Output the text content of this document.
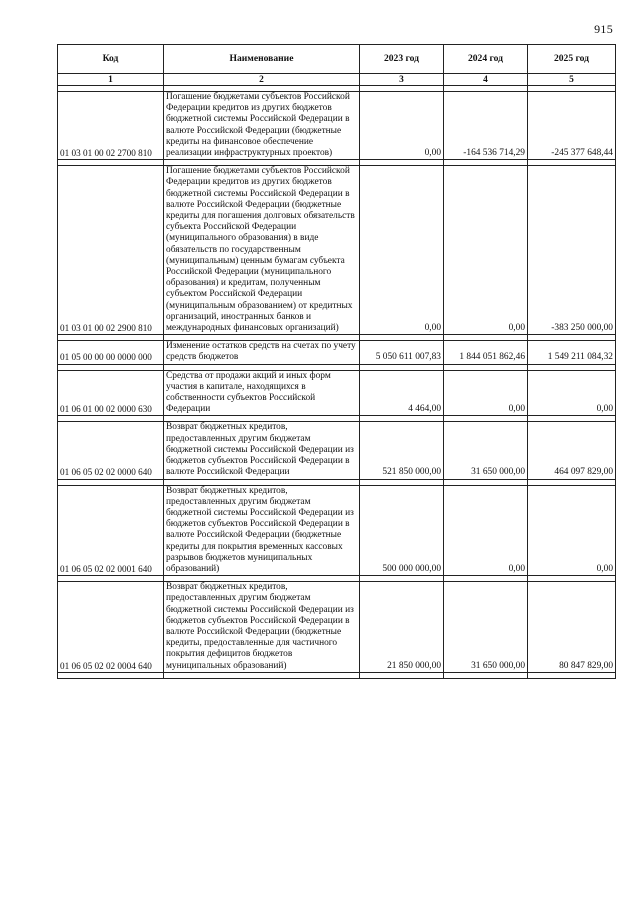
915
Код	Наименование	2023 год	2024 год	2025 год
1	2	3	4	5

01 03 01 00 02 2700 810	Погашение бюджетами субъектов Российской Федерации кредитов из других бюджетов бюджетной системы Российской Федерации в валюте Российской Федерации (бюджетные кредиты на финансовое обеспечение реализации инфраструктурных проектов)	0,00	-164 536 714,29	-245 377 648,44

01 03 01 00 02 2900 810	Погашение бюджетами субъектов Российской Федерации кредитов из других бюджетов бюджетной системы Российской Федерации в валюте Российской Федерации (бюджетные кредиты для погашения долговых обязательств субъекта Российской Федерации (муниципального образования) в виде обязательств по государственным (муниципальным) ценным бумагам субъекта Российской Федерации (муниципального образования) и кредитам, полученным субъектом Российской Федерации (муниципальным образованием) от кредитных организаций, иностранных банков и международных финансовых организаций)	0,00	0,00	-383 250 000,00

01 05 00 00 00 0000 000	Изменение остатков средств на счетах по учету средств бюджетов	5 050 611 007,83	1 844 051 862,46	1 549 211 084,32

01 06 01 00 02 0000 630	Средства от продажи акций и иных форм участия в капитале, находящихся в собственности субъектов Российской Федерации	4 464,00	0,00	0,00

01 06 05 02 02 0000 640	Возврат бюджетных кредитов, предоставленных другим бюджетам бюджетной системы Российской Федерации из бюджетов субъектов Российской Федерации в валюте Российской Федерации	521 850 000,00	31 650 000,00	464 097 829,00

01 06 05 02 02 0001 640	Возврат бюджетных кредитов, предоставленных другим бюджетам бюджетной системы Российской Федерации из бюджетов субъектов Российской Федерации в валюте Российской Федерации (бюджетные кредиты для покрытия временных кассовых разрывов бюджетов муниципальных образований)	500 000 000,00	0,00	0,00

01 06 05 02 02 0004 640	Возврат бюджетных кредитов, предоставленных другим бюджетам бюджетной системы Российской Федерации из бюджетов субъектов Российской Федерации в валюте Российской Федерации (бюджетные кредиты, предоставленные для частичного покрытия дефицитов бюджетов муниципальных образований)	21 850 000,00	31 650 000,00	80 847 829,00
